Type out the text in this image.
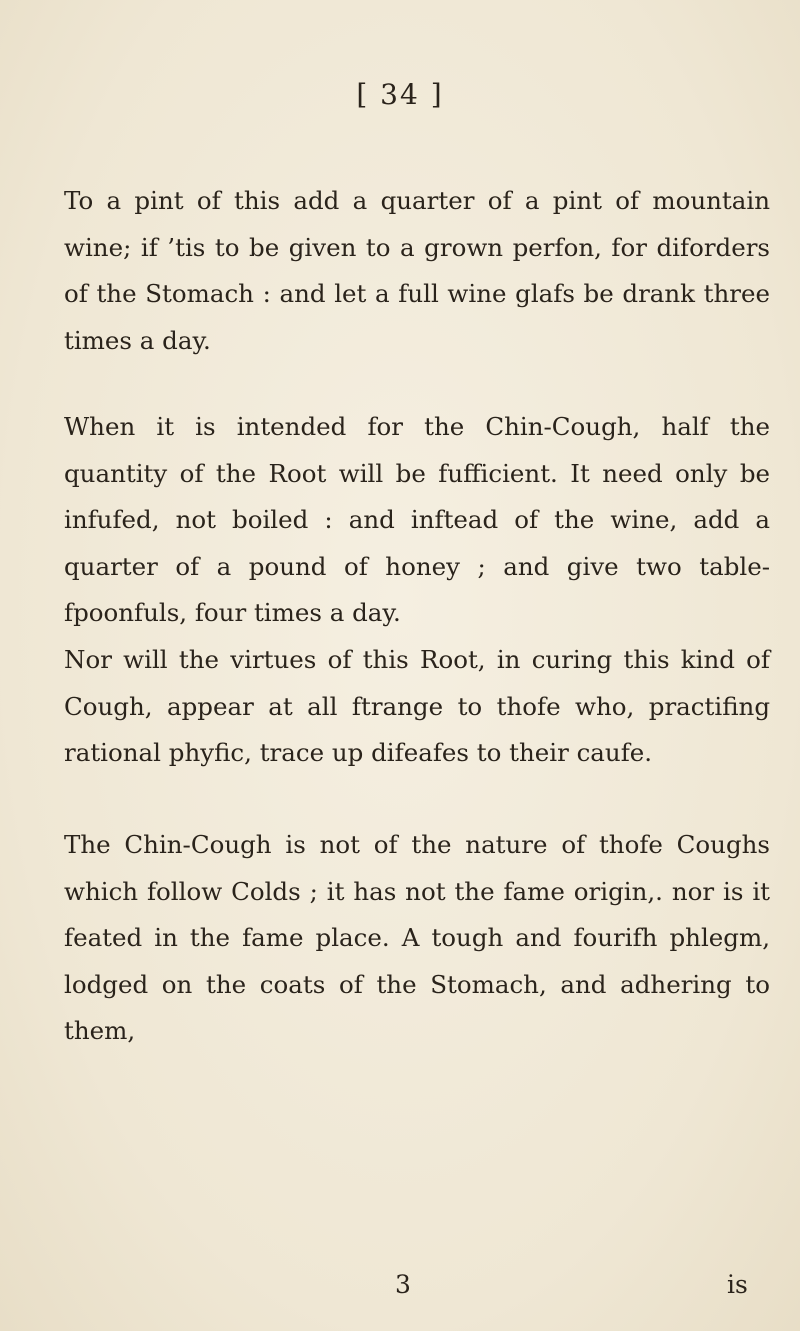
[ 34 ]

To a pint of this add a quarter of a pint of mountain wine; if ’tis to be given to a grown perfon, for diforders of the Stomach : and let a full wine glafs be drank three times a day.

When it is intended for the Chin-Cough, half the quantity of the Root will be fufficient. It need only be infufed, not boiled : and inftead of the wine, add a quarter of a pound of honey ; and give two table-fpoonfuls, four times a day.

Nor will the virtues of this Root, in curing this kind of Cough, appear at all ftrange to thofe who, practifing rational phyfic, trace up difeafes to their caufe.

The Chin-Cough is not of the nature of thofe Coughs which follow Colds ; it has not the fame origin,. nor is it feated in the fame place. A tough and fourifh phlegm, lodged on the coats of the Stomach, and adhering to them,

3	is
